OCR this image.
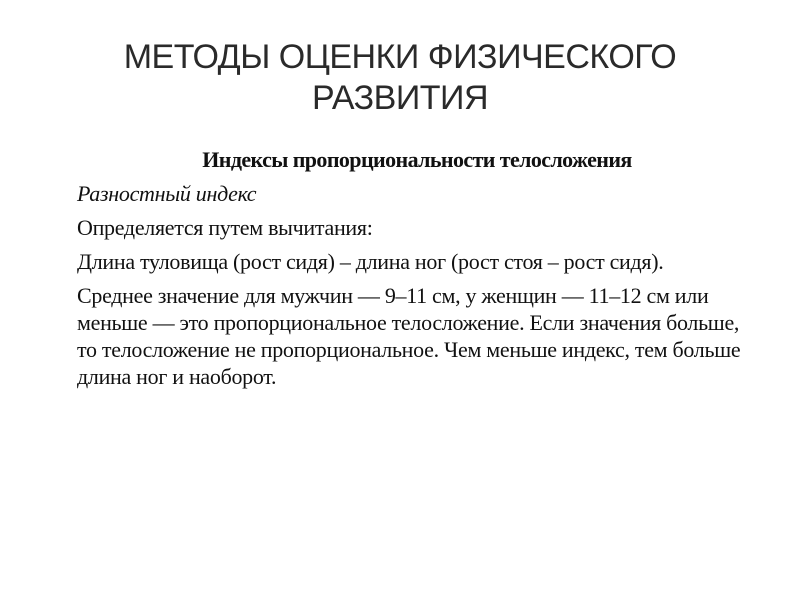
МЕТОДЫ ОЦЕНКИ ФИЗИЧЕСКОГО РАЗВИТИЯ
Индексы пропорциональности телосложения
Разностный индекс
Определяется путем вычитания:
Длина туловища (рост сидя) – длина ног (рост стоя – рост сидя).
Среднее значение для мужчин — 9–11 см, у женщин — 11–12 см или меньше — это пропорциональное телосложение. Если значения больше, то телосложение не пропорциональное. Чем меньше индекс, тем больше длина ног и наоборот.
